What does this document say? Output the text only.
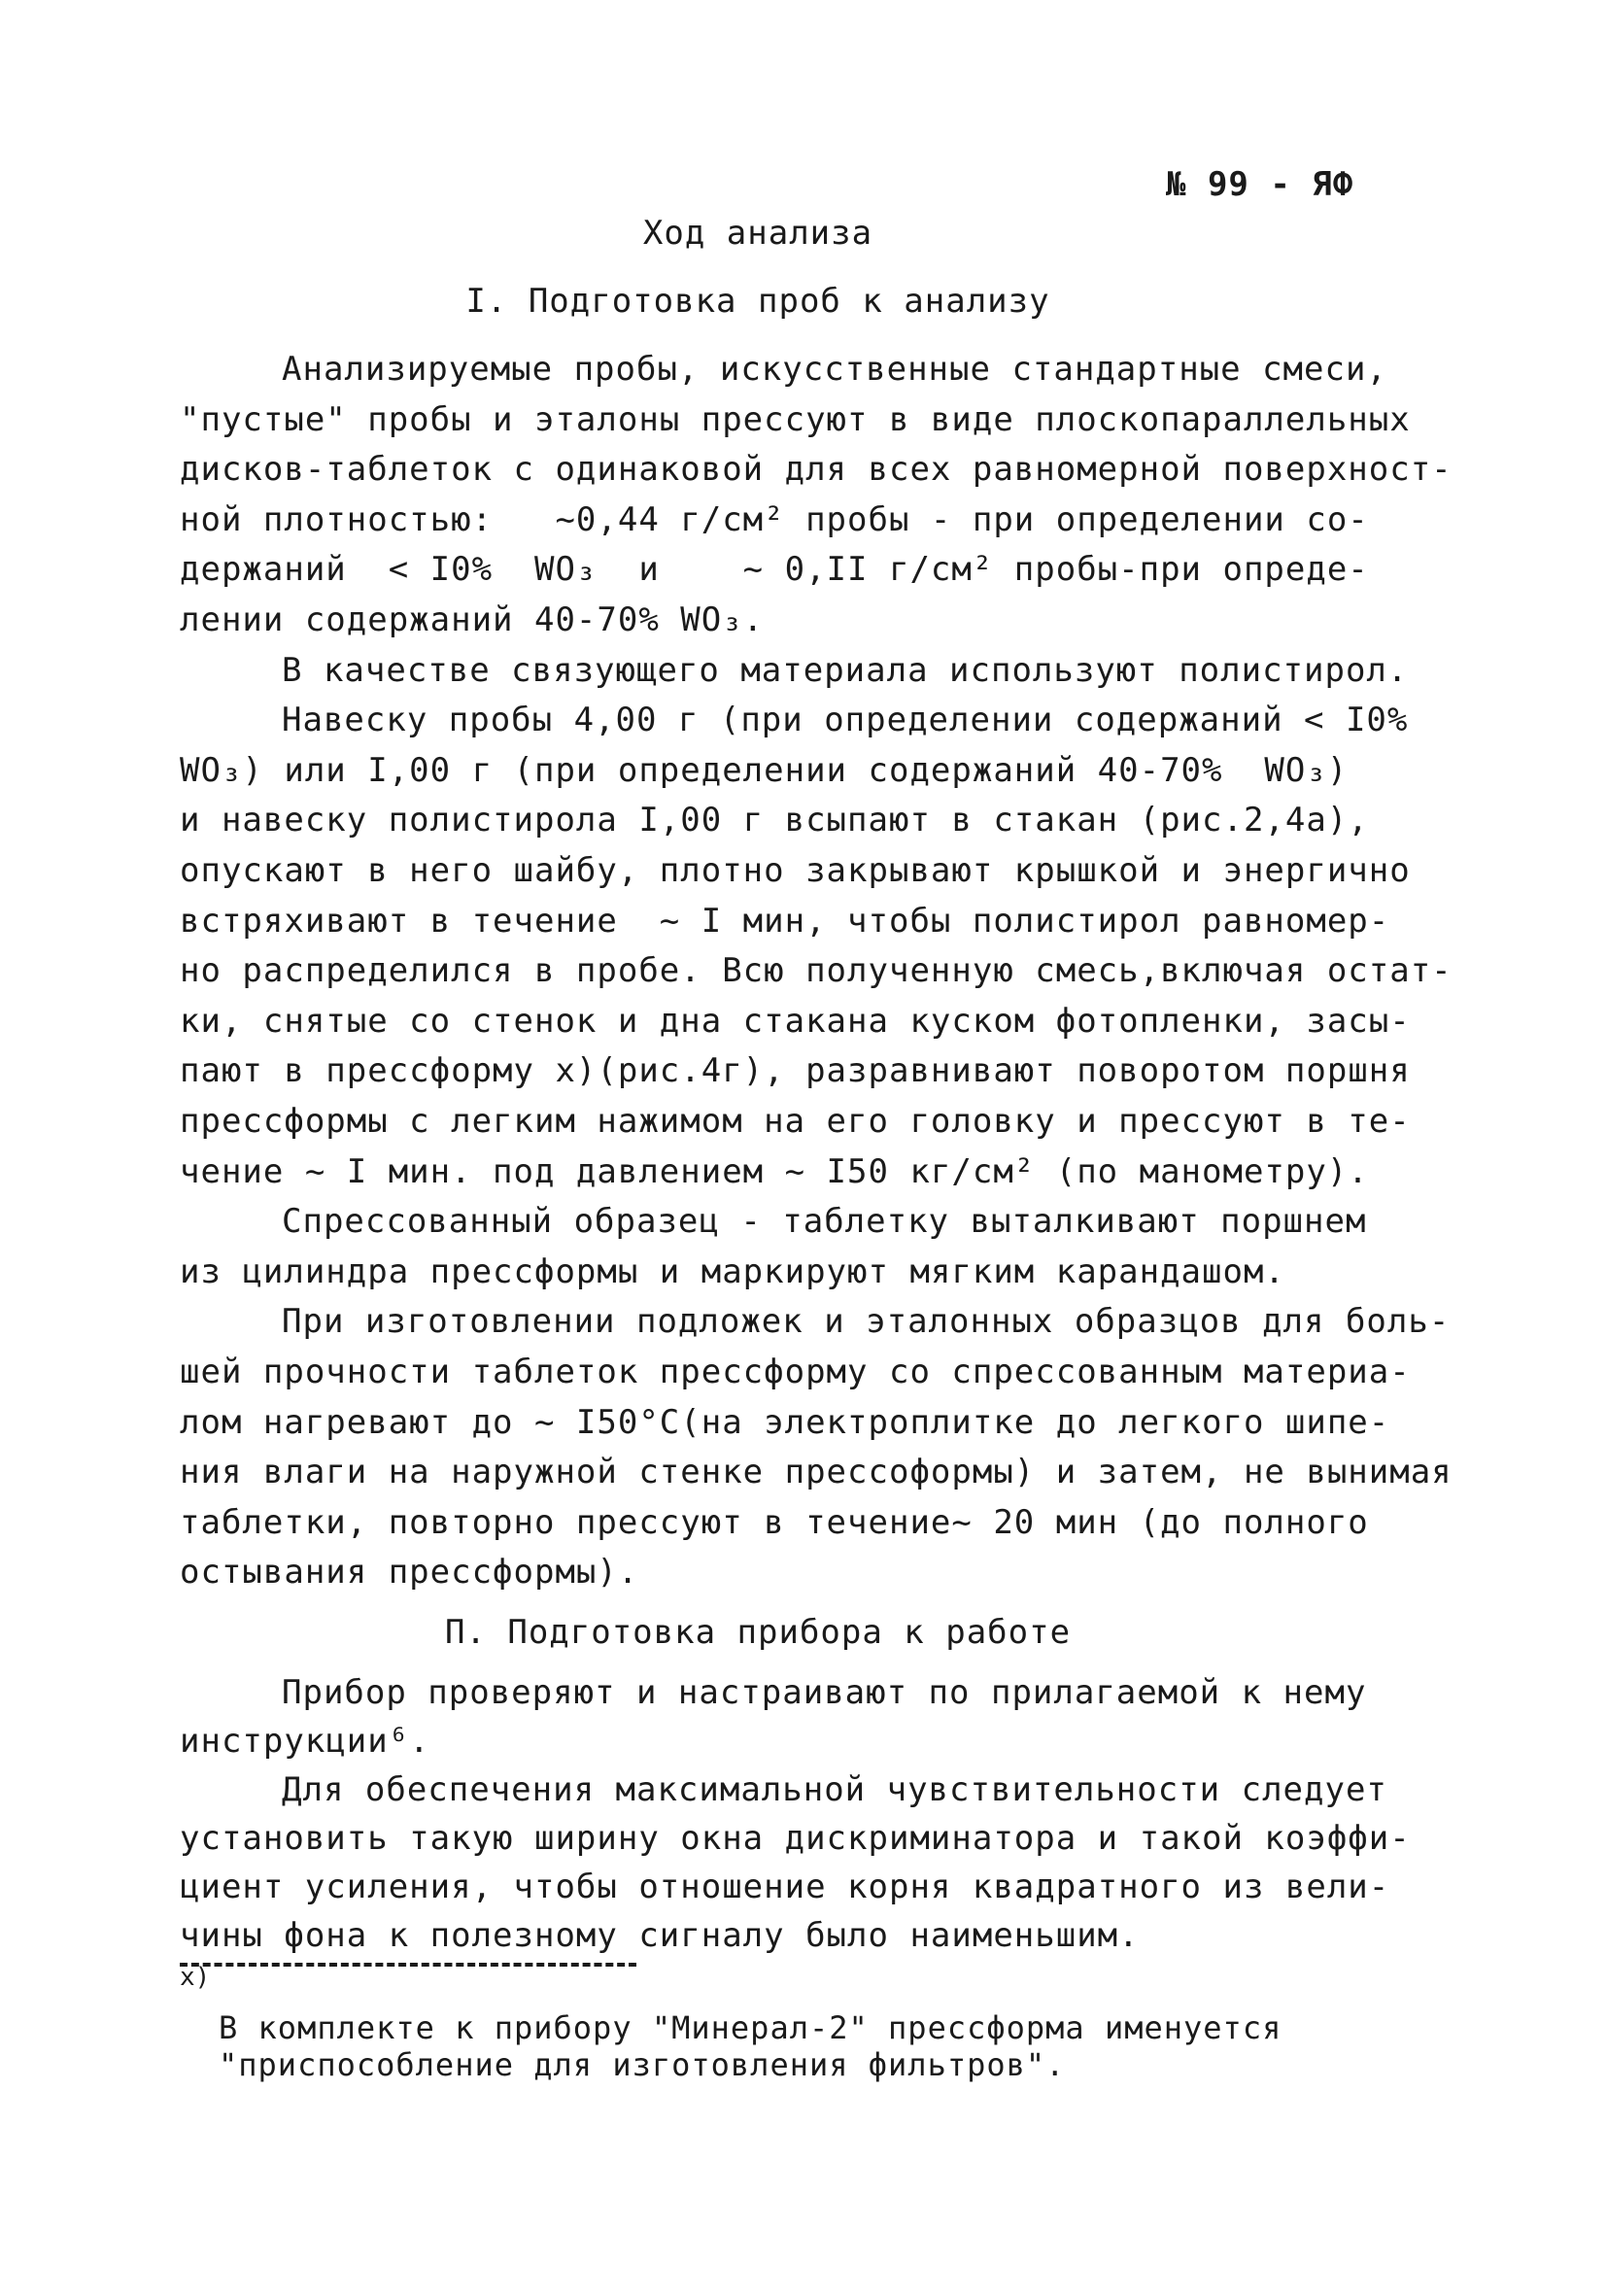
№ 99 - ЯФ
Ход анализа
I. Подготовка проб к анализу
Анализируемые пробы, искусственные стандартные смеси,
"пустые" пробы и эталоны прессуют в виде плоскопараллельных
дисков-таблеток с одинаковой для всех равномерной поверхност-
ной плотностью:   ~0,44 г/см² пробы - при определении со-
держаний  < I0%  WO₃  и    ~ 0,II г/см² пробы-при опреде-
лении содержаний 40-70% WO₃.
В качестве связующего материала используют полистирол.
Навеску пробы 4,00 г (при определении содержаний < I0%
WO₃) или I,00 г (при определении содержаний 40-70%  WO₃)
и навеску полистирола I,00 г всыпают в стакан (рис.2,4а),
опускают в него шайбу, плотно закрывают крышкой и энергично
встряхивают в течение  ~ I мин, чтобы полистирол равномер-
но распределился в пробе. Всю полученную смесь,включая остат-
ки, снятые со стенок и дна стакана куском фотопленки, засы-
пают в прессформу x)(рис.4г), разравнивают поворотом поршня
прессформы с легким нажимом на его головку и прессуют в те-
чение ~ I мин. под давлением ~ I50 кг/см² (по манометру).
Спрессованный образец - таблетку выталкивают поршнем
из цилиндра прессформы и маркируют мягким карандашом.
При изготовлении подложек и эталонных образцов для боль-
шей прочности таблеток прессформу со спрессованным материа-
лом нагревают до ~ I50°С(на электроплитке до легкого шипе-
ния влаги на наружной стенке прессоформы) и затем, не вынимая
таблетки, повторно прессуют в течение~ 20 мин (до полного
остывания прессформы).
П. Подготовка прибора к работе
Прибор проверяют и настраивают по прилагаемой к нему
инструкции⁶.
Для обеспечения максимальной чувствительности следует
установить такую ширину окна дискриминатора и такой коэффи-
циент усиления, чтобы отношение корня квадратного из вели-
чины фона к полезному сигналу было наименьшим.
x)
В комплекте к прибору "Минерал-2" прессформа именуется
"приспособление для изготовления фильтров".
